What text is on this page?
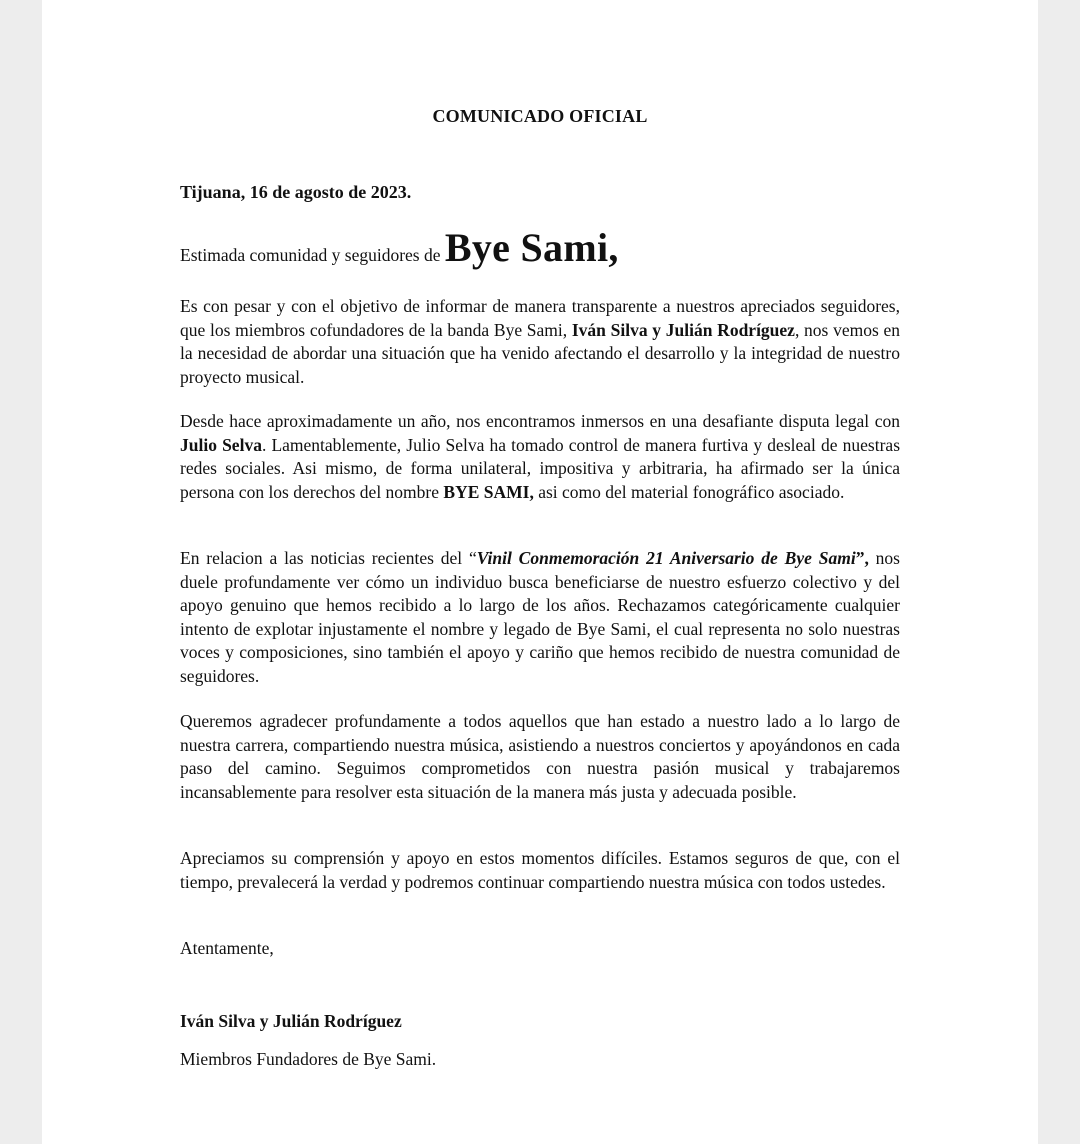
COMUNICADO OFICIAL

Tijuana, 16 de agosto de 2023.

Estimada comunidad y seguidores de Bye Sami,

Es con pesar y con el objetivo de informar de manera transparente a nuestros apreciados seguidores, que los miembros cofundadores de la banda Bye Sami, Iván Silva y Julián Rodríguez, nos vemos en la necesidad de abordar una situación que ha venido afectando el desarrollo y la integridad de nuestro proyecto musical.

Desde hace aproximadamente un año, nos encontramos inmersos en una desafiante disputa legal con Julio Selva. Lamentablemente, Julio Selva ha tomado control de manera furtiva y desleal de nuestras redes sociales. Asi mismo, de forma unilateral, impositiva y arbitraria, ha afirmado ser la única persona con los derechos del nombre BYE SAMI, asi como del material fonográfico asociado.

En relacion a las noticias recientes del “Vinil Conmemoración 21 Aniversario de Bye Sami”, nos duele profundamente ver cómo un individuo busca beneficiarse de nuestro esfuerzo colectivo y del apoyo genuino que hemos recibido a lo largo de los años. Rechazamos categóricamente cualquier intento de explotar injustamente el nombre y legado de Bye Sami, el cual representa no solo nuestras voces y composiciones, sino también el apoyo y cariño que hemos recibido de nuestra comunidad de seguidores.

Queremos agradecer profundamente a todos aquellos que han estado a nuestro lado a lo largo de nuestra carrera, compartiendo nuestra música, asistiendo a nuestros conciertos y apoyándonos en cada paso del camino. Seguimos comprometidos con nuestra pasión musical y trabajaremos incansablemente para resolver esta situación de la manera más justa y adecuada posible.

Apreciamos su comprensión y apoyo en estos momentos difíciles. Estamos seguros de que, con el tiempo, prevalecerá la verdad y podremos continuar compartiendo nuestra música con todos ustedes.

Atentamente,

Iván Silva y Julián Rodríguez

Miembros Fundadores de Bye Sami.
